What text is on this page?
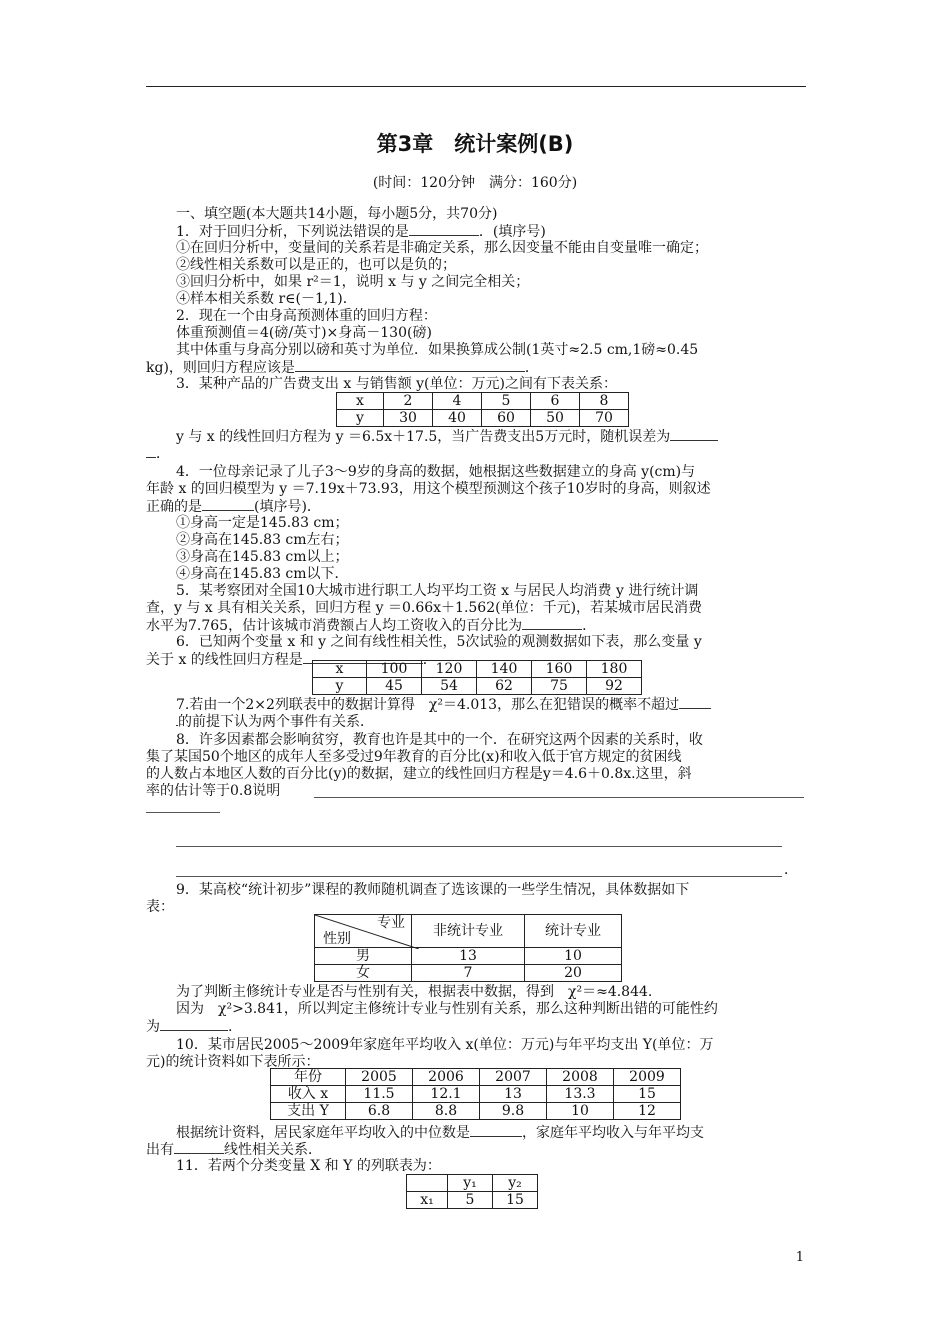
第3章　统计案例(B)
(时间：120分钟　满分：160分)
一、填空题(本大题共14小题，每小题5分，共70分)
1．对于回归分析，下列说法错误的是	．(填序号)
①在回归分析中，变量间的关系若是非确定关系，那么因变量不能由自变量唯一确定；
②线性相关系数可以是正的，也可以是负的；
③回归分析中，如果 r²＝1，说明 x 与 y 之间完全相关；
④样本相关系数 r∈(－1,1)．
2．现在一个由身高预测体重的回归方程：
体重预测值＝4(磅/英寸)×身高－130(磅)
其中体重与身高分别以磅和英寸为单位．如果换算成公制(1英寸≈2.5 cm,1磅≈0.45
kg)，则回归方程应该是	．
3．某种产品的广告费支出 x 与销售额 y(单位：万元)之间有下表关系：
x	2	4	5	6	8
y	30	40	60	50	70
y 与 x 的线性回归方程为 y ＝6.5x＋17.5，当广告费支出5万元时，随机误差为
．
4．一位母亲记录了儿子3～9岁的身高的数据，她根据这些数据建立的身高 y(cm)与
年龄 x 的回归模型为 y ＝7.19x＋73.93，用这个模型预测这个孩子10岁时的身高，则叙述
正确的是	(填序号)．
①身高一定是145.83 cm；
②身高在145.83 cm左右；
③身高在145.83 cm以上；
④身高在145.83 cm以下．
5．某考察团对全国10大城市进行职工人均平均工资 x 与居民人均消费 y 进行统计调
查，y 与 x 具有相关关系，回归方程 y ＝0.66x＋1.562(单位：千元)，若某城市居民消费
水平为7.765，估计该城市消费额占人均工资收入的百分比为	．
6．已知两个变量 x 和 y 之间有线性相关性，5次试验的观测数据如下表，那么变量 y
关于 x 的线性回归方程是	．
x	100	120	140	160	180
y	45	54	62	75	92
7.若由一个2×2列联表中的数据计算得　χ²＝4.013，那么在犯错误的概率不超过
的前提下认为两个事件有关系．
8．许多因素都会影响贫穷，教育也许是其中的一个．在研究这两个因素的关系时，收
集了某国50个地区的成年人至多受过9年教育的百分比(x)和收入低于官方规定的贫困线
的人数占本地区人数的百分比(y)的数据，建立的线性回归方程是y＝4.6＋0.8x.这里，斜
率的估计等于0.8说明
．
9．某高校“统计初步”课程的教师随机调查了选该课的一些学生情况，具体数据如下
表：
专业
性别	非统计专业	统计专业
男	13	10
女	7	20
为了判断主修统计专业是否与性别有关，根据表中数据，得到　χ²＝≈4.844.
因为　χ²>3.841，所以判定主修统计专业与性别有关系，那么这种判断出错的可能性约
为	.
10．某市居民2005～2009年家庭年平均收入 x(单位：万元)与年平均支出 Y(单位：万
元)的统计资料如下表所示：
年份	2005	2006	2007	2008	2009
收入 x	11.5	12.1	13	13.3	15
支出 Y	6.8	8.8	9.8	10	12
根据统计资料，居民家庭年平均收入的中位数是	，家庭年平均收入与年平均支
出有	线性相关关系．
11．若两个分类变量 X 和 Y 的列联表为：
	y₁	y₂
x₁	5	15
1
